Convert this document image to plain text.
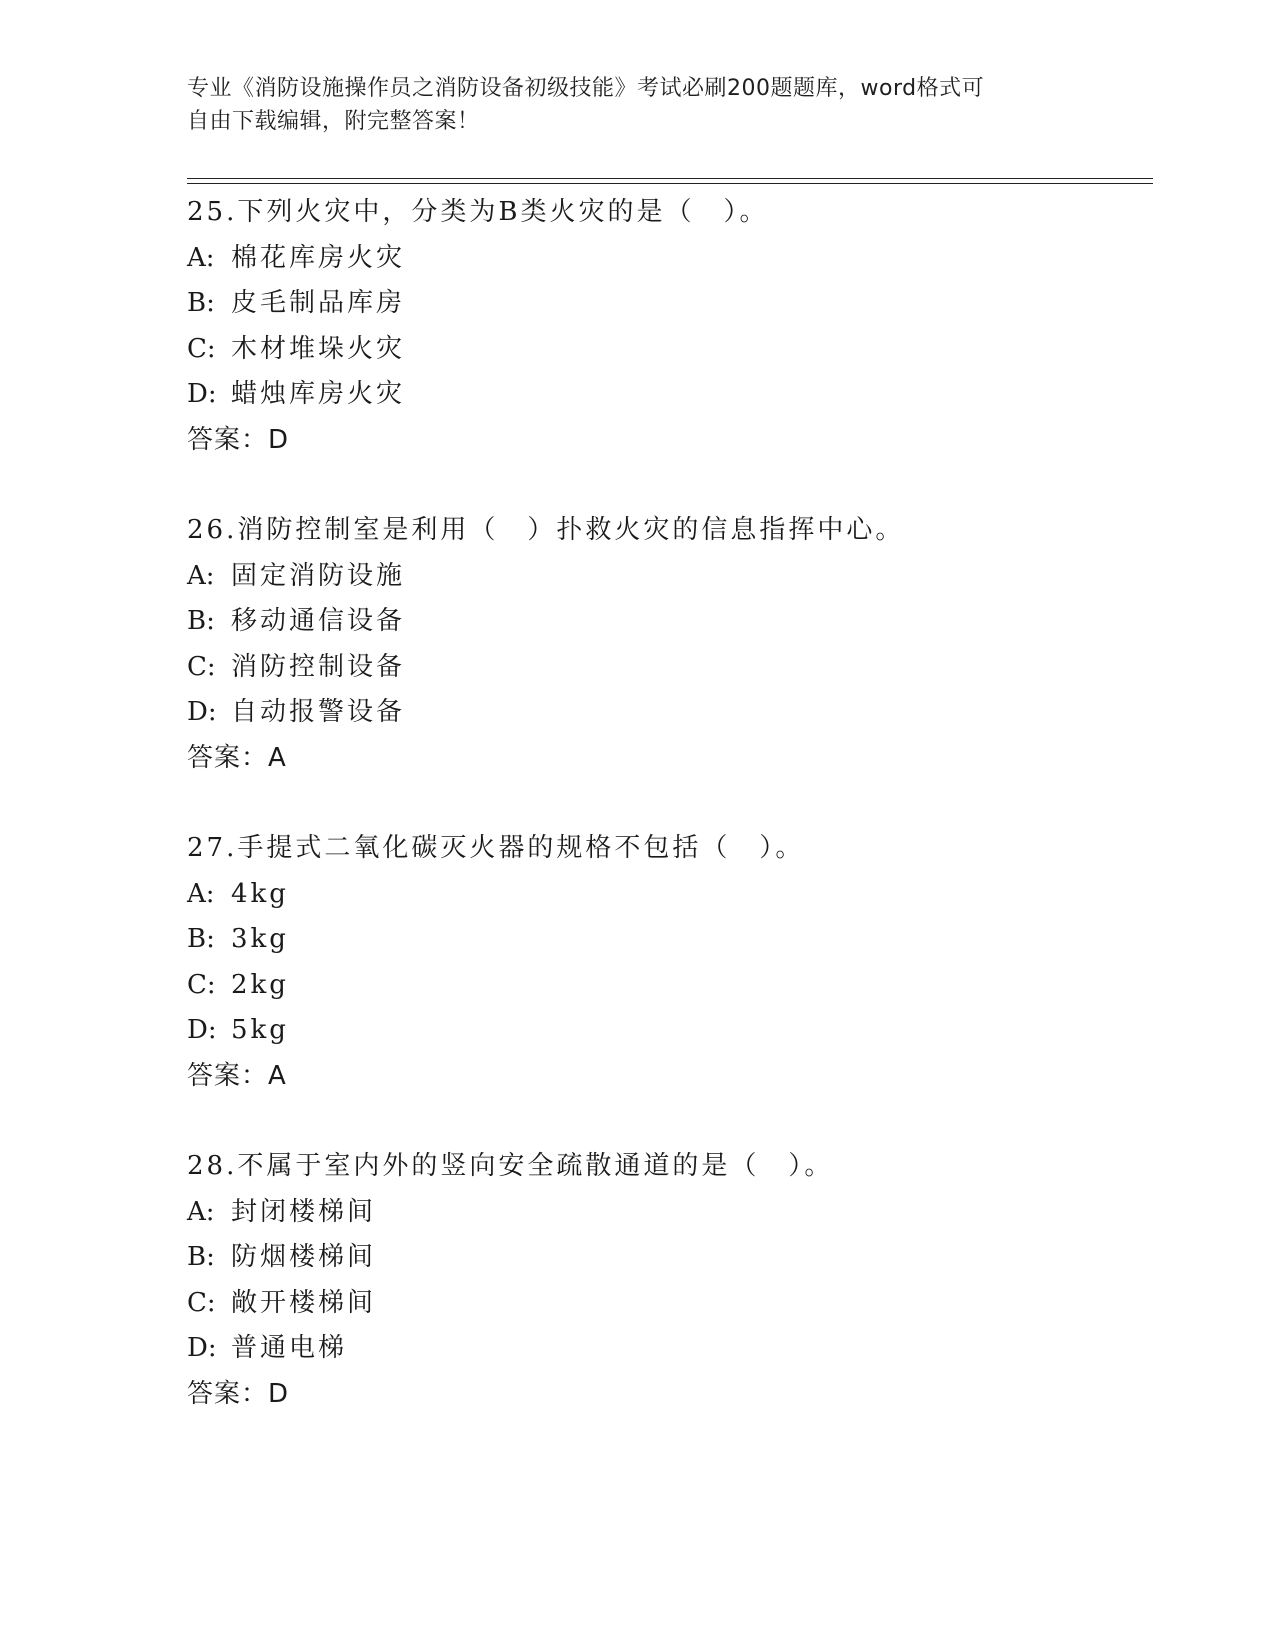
专业《消防设施操作员之消防设备初级技能》考试必刷200题题库，word格式可
自由下载编辑，附完整答案！
25.下列火灾中，分类为B类火灾的是（　）。
A: 棉花库房火灾
B: 皮毛制品库房
C: 木材堆垛火灾
D: 蜡烛库房火灾
答案：D
26.消防控制室是利用（　）扑救火灾的信息指挥中心。
A: 固定消防设施
B: 移动通信设备
C: 消防控制设备
D: 自动报警设备
答案：A
27.手提式二氧化碳灭火器的规格不包括（　）。
A: 4kg
B: 3kg
C: 2kg
D: 5kg
答案：A
28.不属于室内外的竖向安全疏散通道的是（　）。
A: 封闭楼梯间
B: 防烟楼梯间
C: 敞开楼梯间
D: 普通电梯
答案：D
